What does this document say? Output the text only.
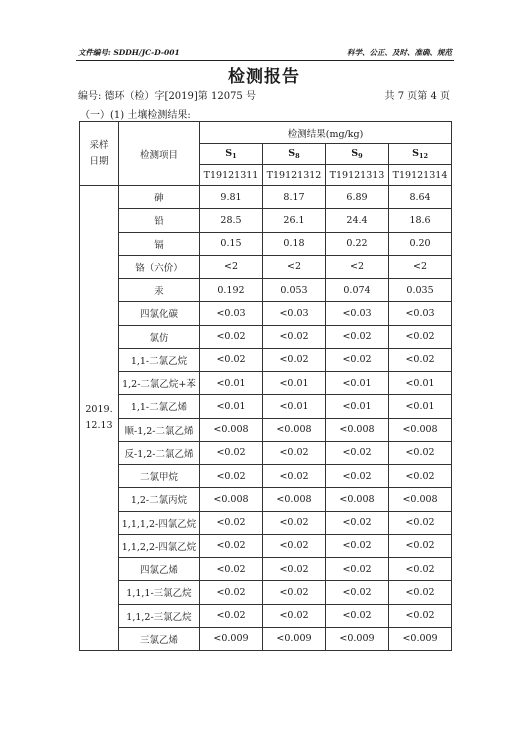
文件编号: SDDH/JC-D-001	科学、公正、及时、准确、规范
检测报告
编号: 德环（检）字[2019]第 12075 号	共 7 页第 4 页
（一）(1) 土壤检测结果:
采样日期	检测项目	检测结果(mg/kg)			
		$S_1$	$S_8$	$S_9$	$S_{12}$
		T19121311	T19121312	T19121313	T19121314
2019.
12.13	砷	9.81	8.17	6.89	8.64
	铅	28.5	26.1	24.4	18.6
	镉	0.15	0.18	0.22	0.20
	铬（六价）	<2	<2	<2	<2
	汞	0.192	0.053	0.074	0.035
	四氯化碳	<0.03	<0.03	<0.03	<0.03
	氯仿	<0.02	<0.02	<0.02	<0.02
	1,1-二氯乙烷	<0.02	<0.02	<0.02	<0.02
	1,2-二氯乙烷+苯	<0.01	<0.01	<0.01	<0.01
	1,1-二氯乙烯	<0.01	<0.01	<0.01	<0.01
	顺-1,2-二氯乙烯	<0.008	<0.008	<0.008	<0.008
	反-1,2-二氯乙烯	<0.02	<0.02	<0.02	<0.02
	二氯甲烷	<0.02	<0.02	<0.02	<0.02
	1,2-二氯丙烷	<0.008	<0.008	<0.008	<0.008
	1,1,1,2-四氯乙烷	<0.02	<0.02	<0.02	<0.02
	1,1,2,2-四氯乙烷	<0.02	<0.02	<0.02	<0.02
	四氯乙烯	<0.02	<0.02	<0.02	<0.02
	1,1,1-三氯乙烷	<0.02	<0.02	<0.02	<0.02
	1,1,2-三氯乙烷	<0.02	<0.02	<0.02	<0.02
	三氯乙烯	<0.009	<0.009	<0.009	<0.009
